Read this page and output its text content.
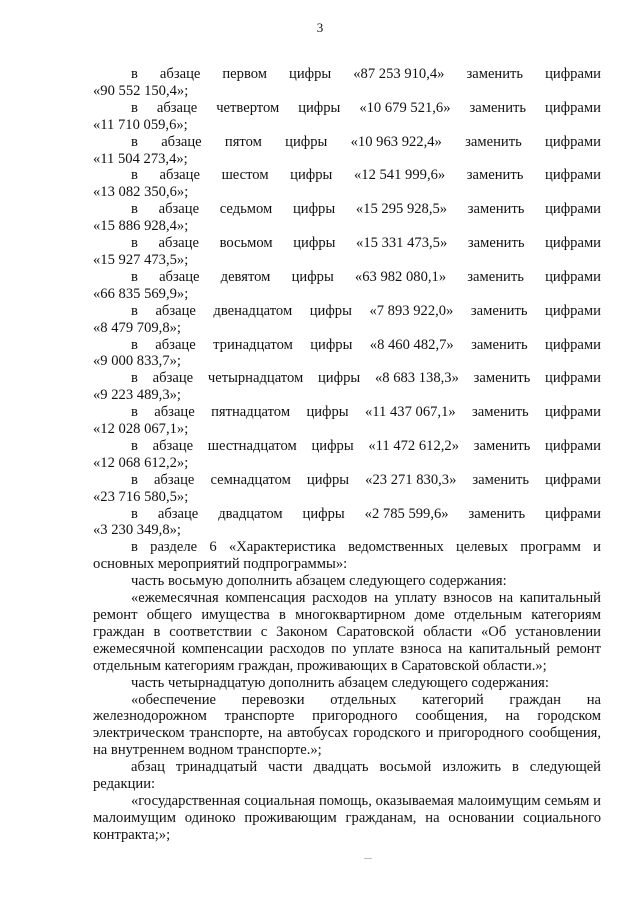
3
в абзаце первом цифры «87 253 910,4» заменить цифрами
«90 552 150,4»;
в абзаце четвертом цифры «10 679 521,6» заменить цифрами
«11 710 059,6»;
в абзаце пятом цифры «10 963 922,4» заменить цифрами
«11 504 273,4»;
в абзаце шестом цифры «12 541 999,6» заменить цифрами
«13 082 350,6»;
в абзаце седьмом цифры «15 295 928,5» заменить цифрами
«15 886 928,4»;
в абзаце восьмом цифры «15 331 473,5» заменить цифрами
«15 927 473,5»;
в абзаце девятом цифры «63 982 080,1» заменить цифрами
«66 835 569,9»;
в абзаце двенадцатом цифры «7 893 922,0» заменить цифрами
«8 479 709,8»;
в абзаце тринадцатом цифры «8 460 482,7» заменить цифрами
«9 000 833,7»;
в абзаце четырнадцатом цифры «8 683 138,3» заменить цифрами
«9 223 489,3»;
в абзаце пятнадцатом цифры «11 437 067,1» заменить цифрами
«12 028 067,1»;
в абзаце шестнадцатом цифры «11 472 612,2» заменить цифрами
«12 068 612,2»;
в абзаце семнадцатом цифры «23 271 830,3» заменить цифрами
«23 716 580,5»;
в абзаце двадцатом цифры «2 785 599,6» заменить цифрами
«3 230 349,8»;
в разделе 6 «Характеристика ведомственных целевых программ и основных мероприятий подпрограммы»:
часть восьмую дополнить абзацем следующего содержания:
«ежемесячная компенсация расходов на уплату взносов на капитальный ремонт общего имущества в многоквартирном доме отдельным категориям граждан в соответствии с Законом Саратовской области «Об установлении ежемесячной компенсации расходов по уплате взноса на капитальный ремонт отдельным категориям граждан, проживающих в Саратовской области.»;
часть четырнадцатую дополнить абзацем следующего содержания:
«обеспечение перевозки отдельных категорий граждан на железнодорожном транспорте пригородного сообщения, на городском электрическом транспорте, на автобусах городского и пригородного сообщения, на внутреннем водном транспорте.»;
абзац тринадцатый части двадцать восьмой изложить в следующей редакции:
«государственная социальная помощь, оказываемая малоимущим семьям и малоимущим одиноко проживающим гражданам, на основании социального контракта;»;
